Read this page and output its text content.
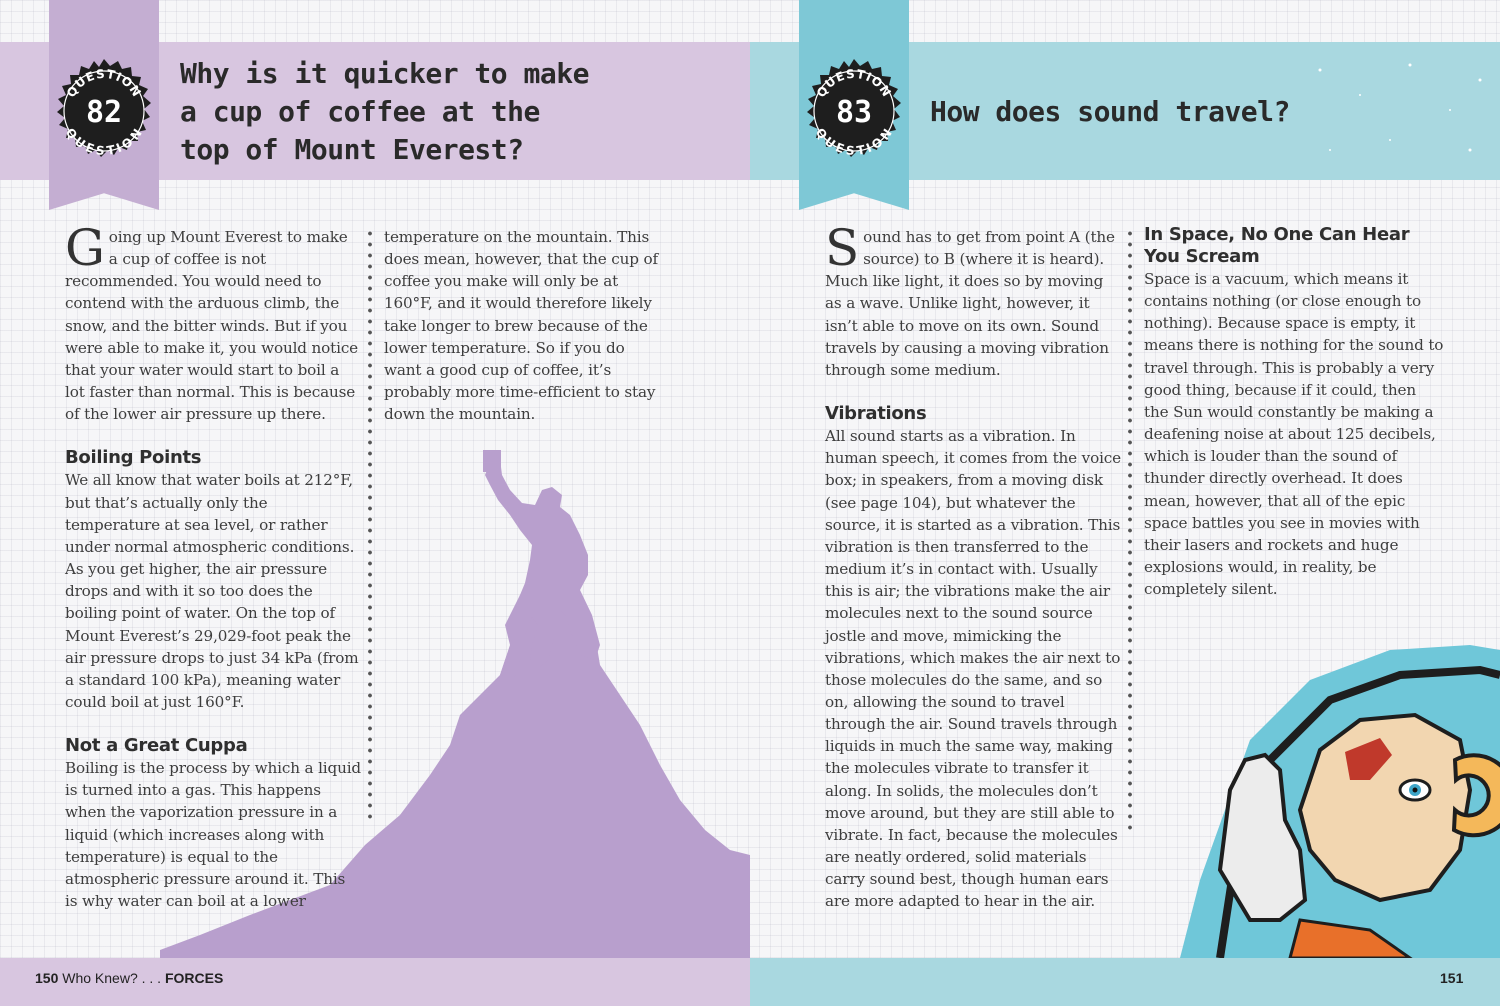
QUESTION
QUESTION
82
QUESTION
QUESTION
83
Why is it quicker to make a cup of coffee at the top of Mount Everest?
How does sound travel?

Going up Mount Everest to make a cup of coffee is not recommended. You would need to contend with the arduous climb, the snow, and the bitter winds. But if you were able to make it, you would notice that your water would start to boil a lot faster than normal. This is because of the lower air pressure up there.

Boiling Points

We all know that water boils at 212°F, but that’s actually only the temperature at sea level, or rather under normal atmospheric conditions. As you get higher, the air pressure drops and with it so too does the boiling point of water. On the top of Mount Everest’s 29,029-foot peak the air pressure drops to just 34 kPa (from a standard 100 kPa), meaning water could boil at just 160°F.

Not a Great Cuppa

Boiling is the process by which a liquid is turned into a gas. This happens when the vaporization pressure in a liquid (which increases along with temperature) is equal to the atmospheric pressure around it. This is why water can boil at a lower

temperature on the mountain. This does mean, however, that the cup of coffee you make will only be at 160°F, and it would therefore likely take longer to brew because of the lower temperature. So if you do want a good cup of coffee, it’s probably more time-efficient to stay down the mountain.

Sound has to get from point A (the source) to B (where it is heard). Much like light, it does so by moving as a wave. Unlike light, however, it isn’t able to move on its own. Sound travels by causing a moving vibration through some medium.

Vibrations

All sound starts as a vibration. In human speech, it comes from the voice box; in speakers, from a moving disk (see page 104), but whatever the source, it is started as a vibration. This vibration is then transferred to the medium it’s in contact with. Usually this is air; the vibrations make the air molecules next to the sound source jostle and move, mimicking the vibrations, which makes the air next to those molecules do the same, and so on, allowing the sound to travel through the air. Sound travels through liquids in much the same way, making the molecules vibrate to transfer it along. In solids, the molecules don’t move around, but they are still able to vibrate. In fact, because the molecules are neatly ordered, solid materials carry sound best, though human ears are more adapted to hear in the air.

In Space, No One Can Hear You Scream

Space is a vacuum, which means it contains nothing (or close enough to nothing). Because space is empty, it means there is nothing for the sound to travel through. This is probably a very good thing, because if it could, then the Sun would constantly be making a deafening noise at about 125 decibels, which is louder than the sound of thunder directly overhead. It does mean, however, that all of the epic space battles you see in movies with their lasers and rockets and huge explosions would, in reality, be completely silent.

150 Who Knew? . . . FORCES	151
